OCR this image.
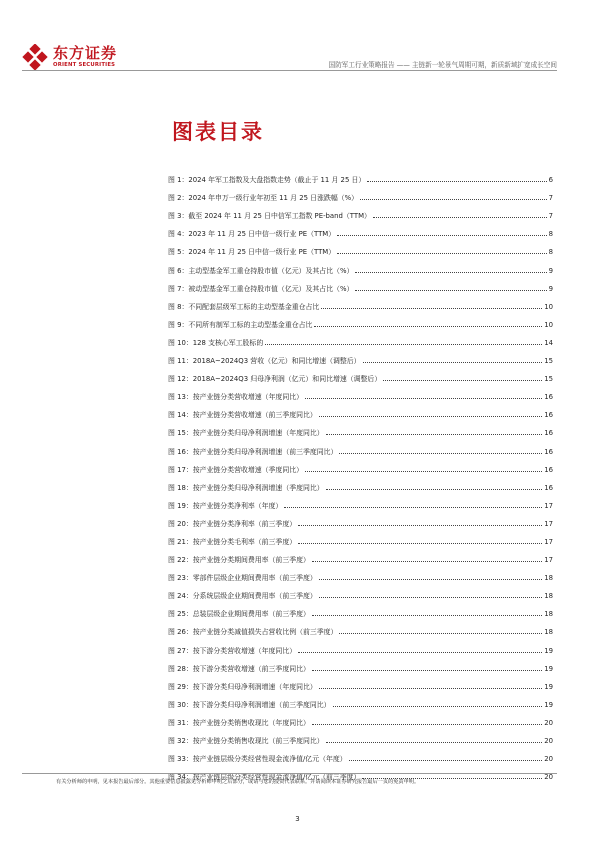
东方证券
ORIENT SECURITIES	国防军工行业策略报告 —— 主链新一轮景气周期可期，新质新域扩宽成长空间
图表目录
图 1：2024 年军工指数及大盘指数走势（截止于 11 月 25 日）	6
图 2：2024 年申万一级行业年初至 11 月 25 日涨跌幅（%）	7
图 3：截至 2024 年 11 月 25 日中信军工指数 PE-band（TTM）	7
图 4：2023 年 11 月 25 日中信一级行业 PE（TTM）	8
图 5：2024 年 11 月 25 日中信一级行业 PE（TTM）	8
图 6：主动型基金军工重仓持股市值（亿元）及其占比（%）	9
图 7：被动型基金军工重仓持股市值（亿元）及其占比（%）	9
图 8：不同配套层级军工标的主动型基金重仓占比	10
图 9：不同所有制军工标的主动型基金重仓占比	10
图 10：128 支核心军工股标的	14
图 11：2018A~2024Q3 营收（亿元）和同比增速（调整后）	15
图 12：2018A~2024Q3 归母净利润（亿元）和同比增速（调整后）	15
图 13：按产业链分类营收增速（年度同比）	16
图 14：按产业链分类营收增速（前三季度同比）	16
图 15：按产业链分类归母净利润增速（年度同比）	16
图 16：按产业链分类归母净利润增速（前三季度同比）	16
图 17：按产业链分类营收增速（季度同比）	16
图 18：按产业链分类归母净利润增速（季度同比）	16
图 19：按产业链分类净利率（年度）	17
图 20：按产业链分类净利率（前三季度）	17
图 21：按产业链分类毛利率（前三季度）	17
图 22：按产业链分类期间费用率（前三季度）	17
图 23：零部件层级企业期间费用率（前三季度）	18
图 24：分系统层级企业期间费用率（前三季度）	18
图 25：总装层级企业期间费用率（前三季度）	18
图 26：按产业链分类减值损失占营收比例（前三季度）	18
图 27：按下游分类营收增速（年度同比）	19
图 28：按下游分类营收增速（前三季度同比）	19
图 29：按下游分类归母净利润增速（年度同比）	19
图 30：按下游分类归母净利润增速（前三季度同比）	19
图 31：按产业链分类销售收现比（年度同比）	20
图 32：按产业链分类销售收现比（前三季度同比）	20
图 33：按产业链层级分类经营性现金流净值/亿元（年度）	20
图 34：按产业链层级分类经营性现金流净值/亿元（前三季度）	20
有关分析师的申明，见本报告最后部分。其他重要信息披露见分析师申明之后部分，或请与您的投资代表联系。并请阅读本证券研究报告最后一页的免责申明。
3
